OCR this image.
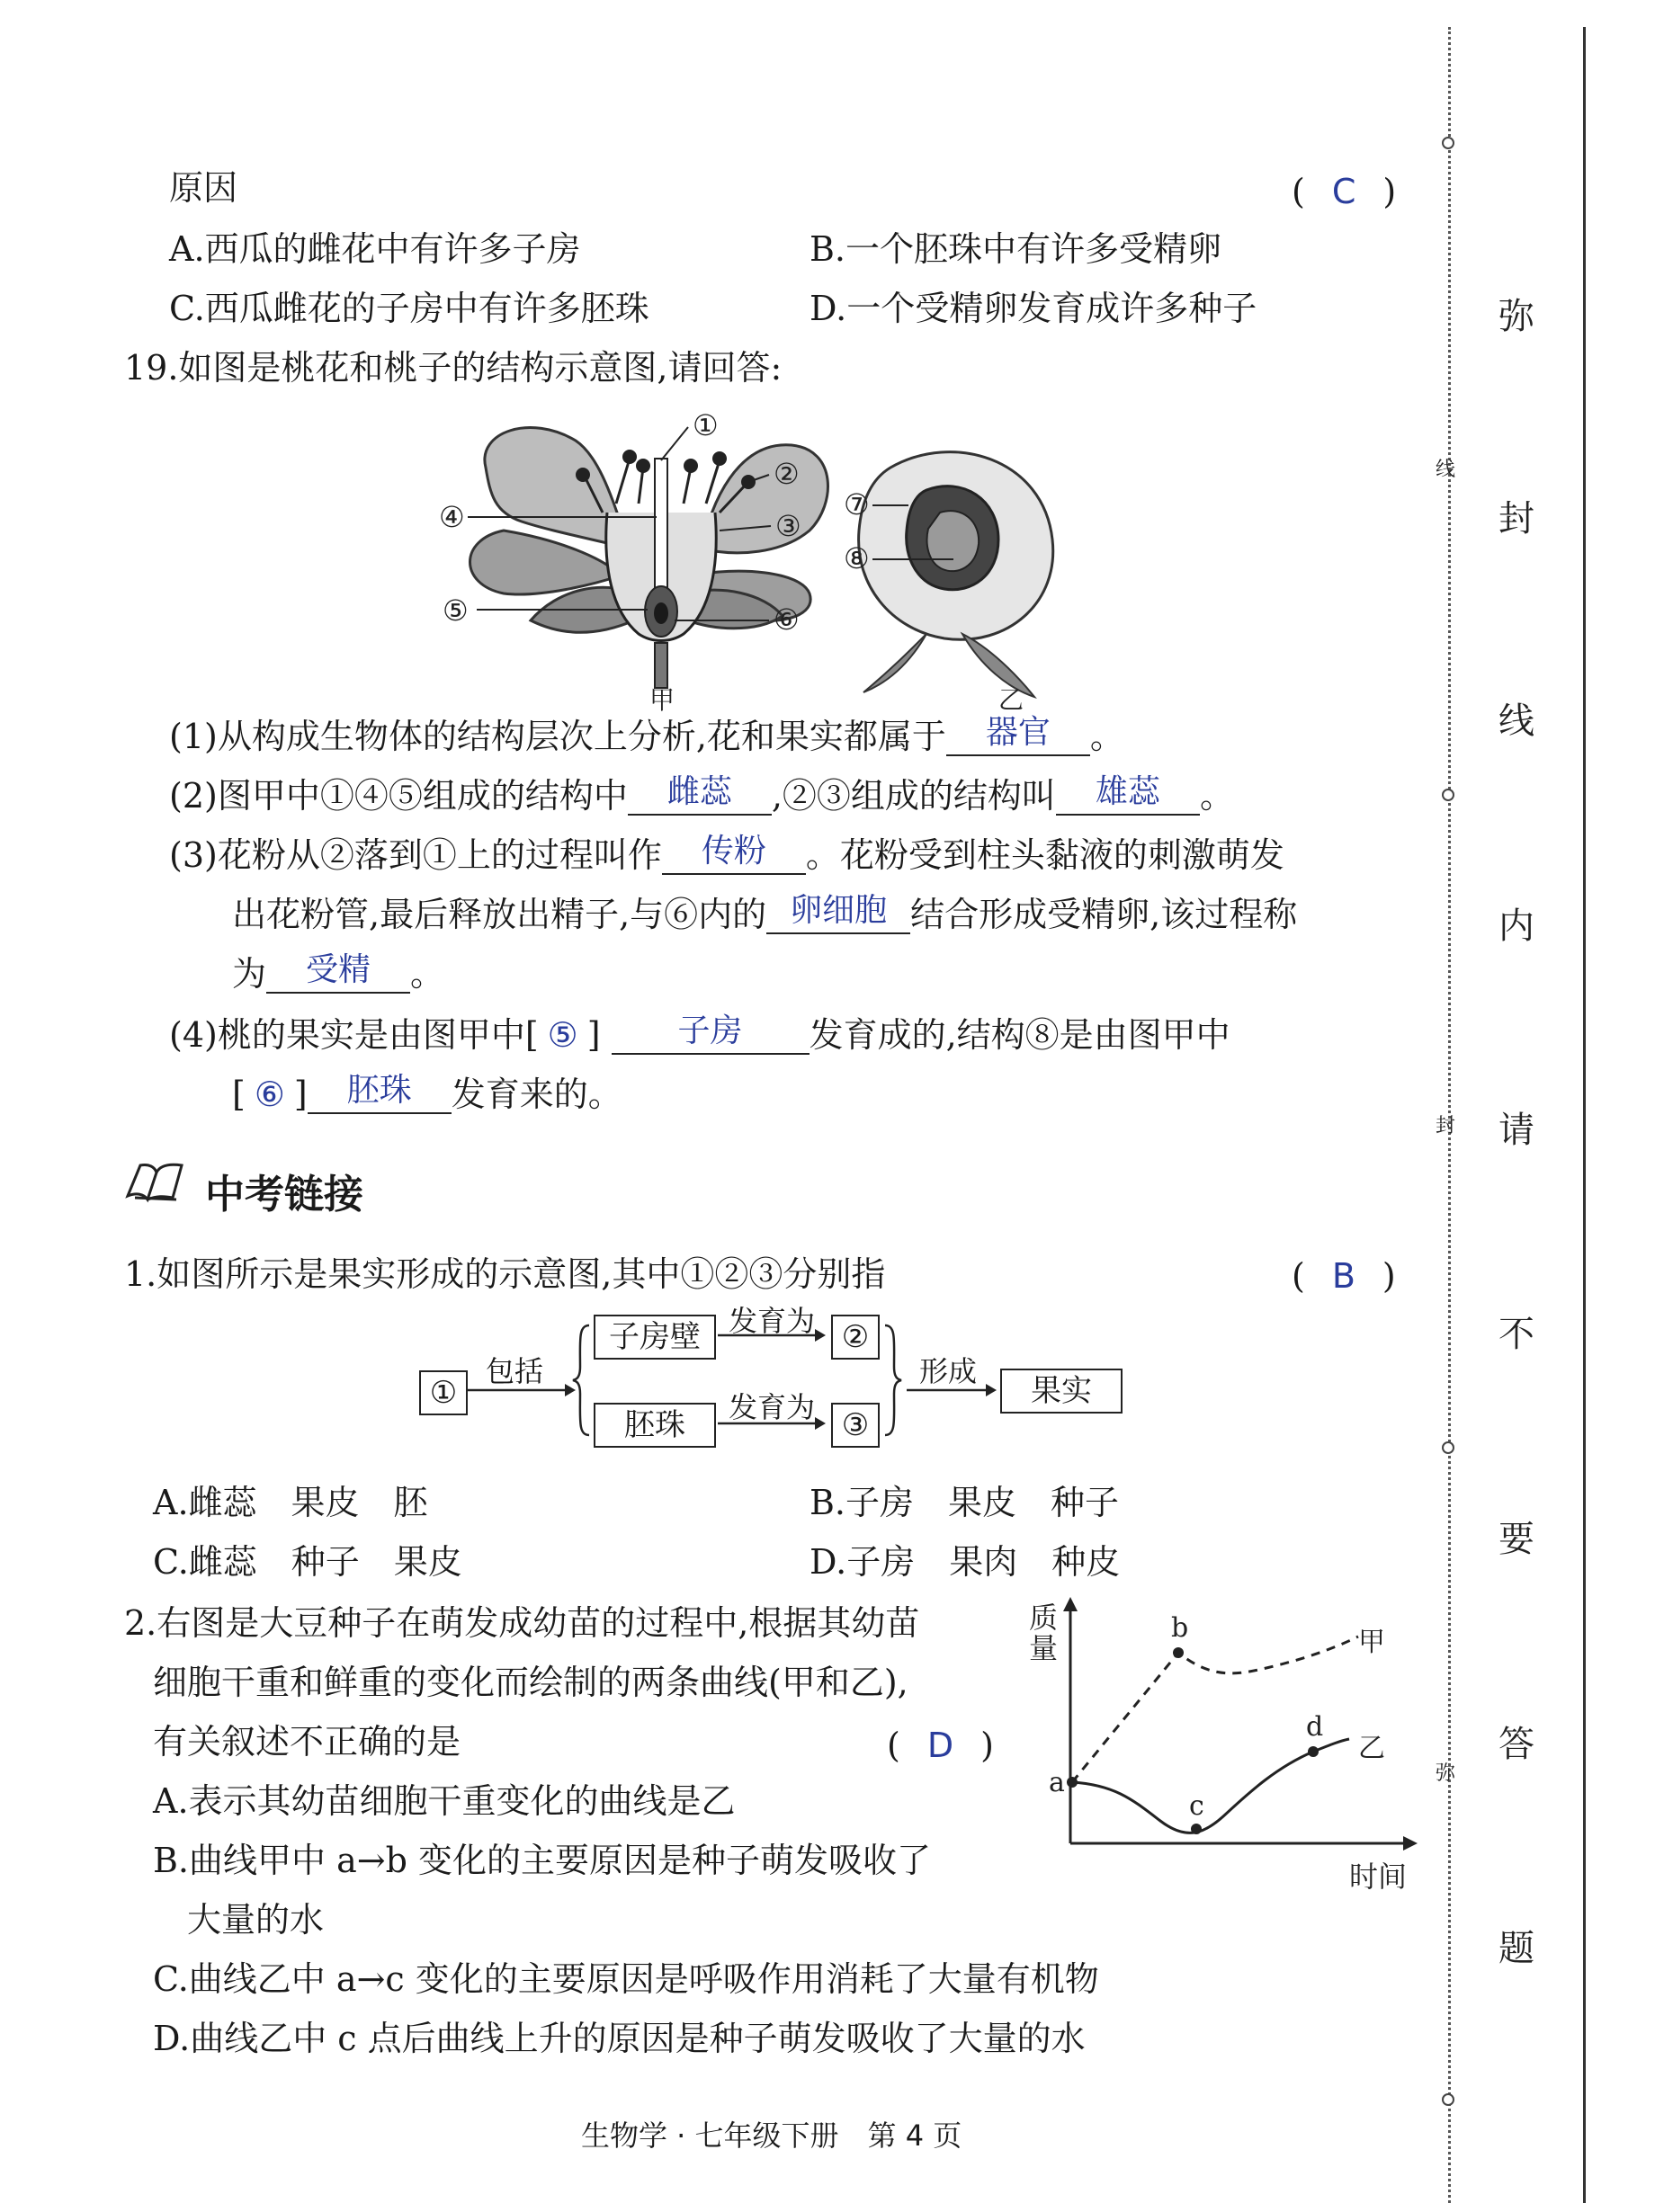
线
封
弥
弥
封
线
内
请
不
要
答
题
原因	( C )
A.西瓜的雌花中有许多子房	B.一个胚珠中有许多受精卵
C.西瓜雌花的子房中有许多胚珠	D.一个受精卵发育成许多种子
19.如图是桃花和桃子的结构示意图,请回答:
①
②
③
④
⑤	⑥
⑦
⑧
甲	乙
(1)从构成生物体的结构层次上分析,花和果实都属于 器官 。
(2)图甲中①④⑤组成的结构中 雌蕊 ,②③组成的结构叫 雄蕊 。
(3)花粉从②落到①上的过程叫作 传粉 。花粉受到柱头黏液的刺激萌发
出花粉管,最后释放出精子,与⑥内的 卵细胞 结合形成受精卵,该过程称
为 受精 。
(4)桃的果实是由图甲中[ ⑤ ] 子房 发育成的,结构⑧是由图甲中
[ ⑥ ] 胚珠 发育来的。
中考链接
1.如图所示是果实形成的示意图,其中①②③分别指	( B )
①
包括
子房壁
胚珠
发育为
发育为
②
③
形成
果实
A.雌蕊　果皮　胚	B.子房　果皮　种子
C.雌蕊　种子　果皮	D.子房　果肉　种皮
2.右图是大豆种子在萌发成幼苗的过程中,根据其幼苗
细胞干重和鲜重的变化而绘制的两条曲线(甲和乙),
有关叙述不正确的是	( D )
A.表示其幼苗细胞干重变化的曲线是乙
B.曲线甲中 a→b 变化的主要原因是种子萌发吸收了
大量的水
C.曲线乙中 a→c 变化的主要原因是呼吸作用消耗了大量有机物
D.曲线乙中 c 点后曲线上升的原因是种子萌发吸收了大量的水
质
量
时间
a
b
c
d
甲
乙
生物学 · 七年级下册　第 4 页
